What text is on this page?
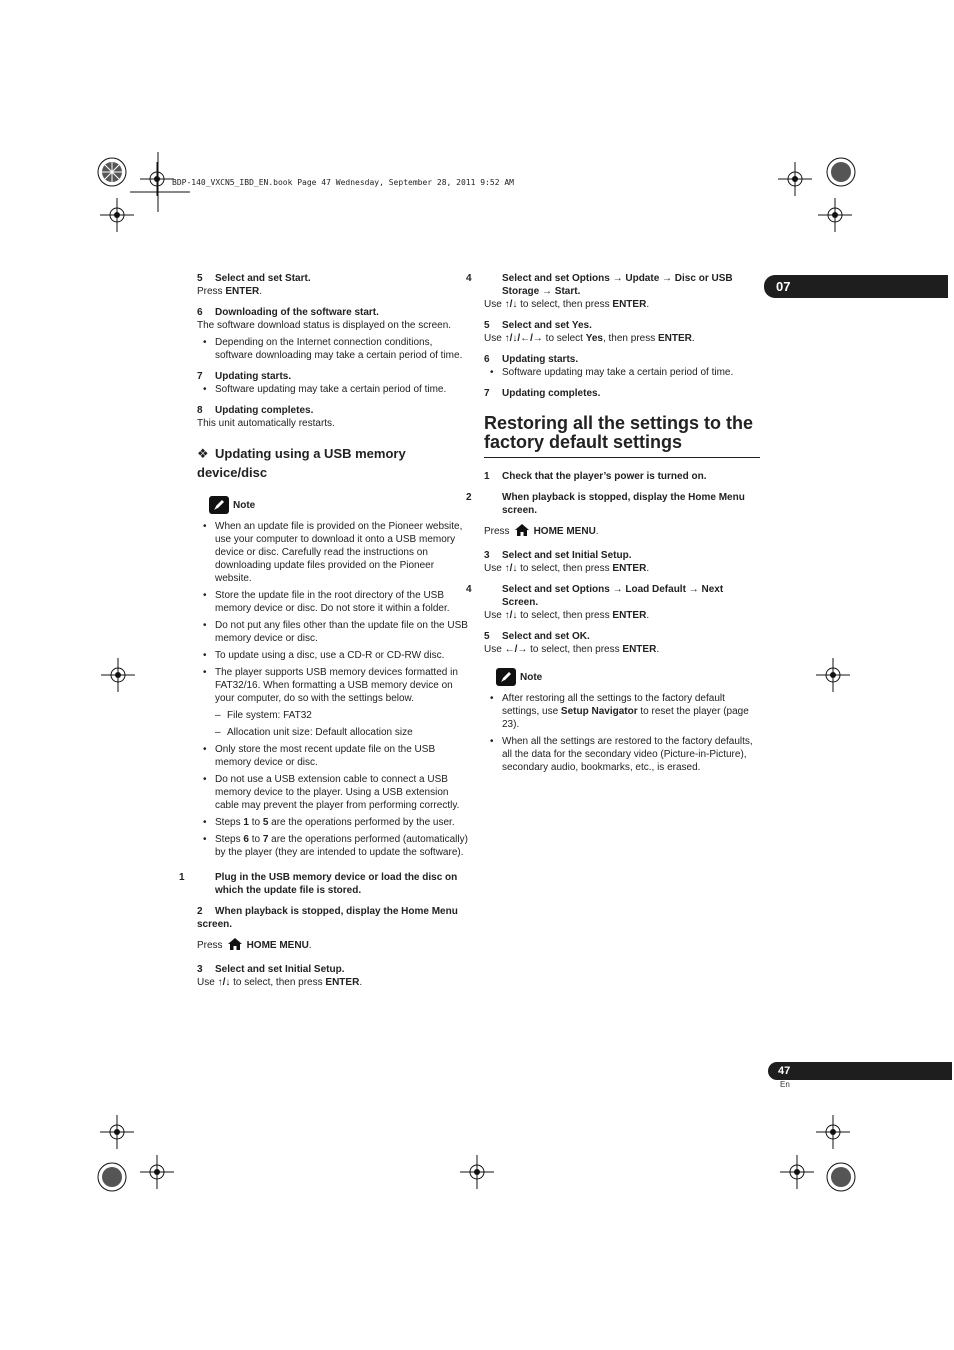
BDP-140_VXCN5_IBD_EN.book Page 47 Wednesday, September 28, 2011 9:52 AM
07
5 Select and set Start.

Press ENTER.

6 Downloading of the software start.

The software download status is displayed on the screen.

• Depending on the Internet connection conditions, software downloading may take a certain period of time.
7 Updating starts.
• Software updating may take a certain period of time.
8 Updating completes.

This unit automatically restarts.

❖ Updating using a USB memory device/disc
Note
• When an update file is provided on the Pioneer website, use your computer to download it onto a USB memory device or disc. Carefully read the instructions on downloading update files provided on the Pioneer website.
• Store the update file in the root directory of the USB memory device or disc. Do not store it within a folder.
• Do not put any files other than the update file on the USB memory device or disc.
• To update using a disc, use a CD-R or CD-RW disc.
• The player supports USB memory devices formatted in FAT32/16. When formatting a USB memory device on your computer, do so with the settings below.
– File system: FAT32
– Allocation unit size: Default allocation size
• Only store the most recent update file on the USB memory device or disc.
• Do not use a USB extension cable to connect a USB memory device to the player. Using a USB extension cable may prevent the player from performing correctly.
• Steps 1 to 5 are the operations performed by the user.
• Steps 6 to 7 are the operations performed (automatically) by the player (they are intended to update the software).
1	Plug in the USB memory device or load the disc on which the update file is stored.
2 When playback is stopped, display the Home Menu screen.

Press HOME MENU.

3 Select and set Initial Setup.

Use ↑/↓ to select, then press ENTER.

4	Select and set Options → Update → Disc or USB Storage → Start.

Use ↑/↓ to select, then press ENTER.

5 Select and set Yes.

Use ↑/↓/←/→ to select Yes, then press ENTER.

6 Updating starts.
• Software updating may take a certain period of time.
7 Updating completes.
Restoring all the settings to the factory default settings
1 Check that the player’s power is turned on.
2	When playback is stopped, display the Home Menu screen.

Press HOME MENU.

3 Select and set Initial Setup.

Use ↑/↓ to select, then press ENTER.

4	Select and set Options → Load Default → Next Screen.

Use ↑/↓ to select, then press ENTER.

5 Select and set OK.

Use ←/→ to select, then press ENTER.

Note
• After restoring all the settings to the factory default settings, use Setup Navigator to reset the player (page 23).
• When all the settings are restored to the factory defaults, all the data for the secondary video (Picture-in-Picture), secondary audio, bookmarks, etc., is erased.
47
En
